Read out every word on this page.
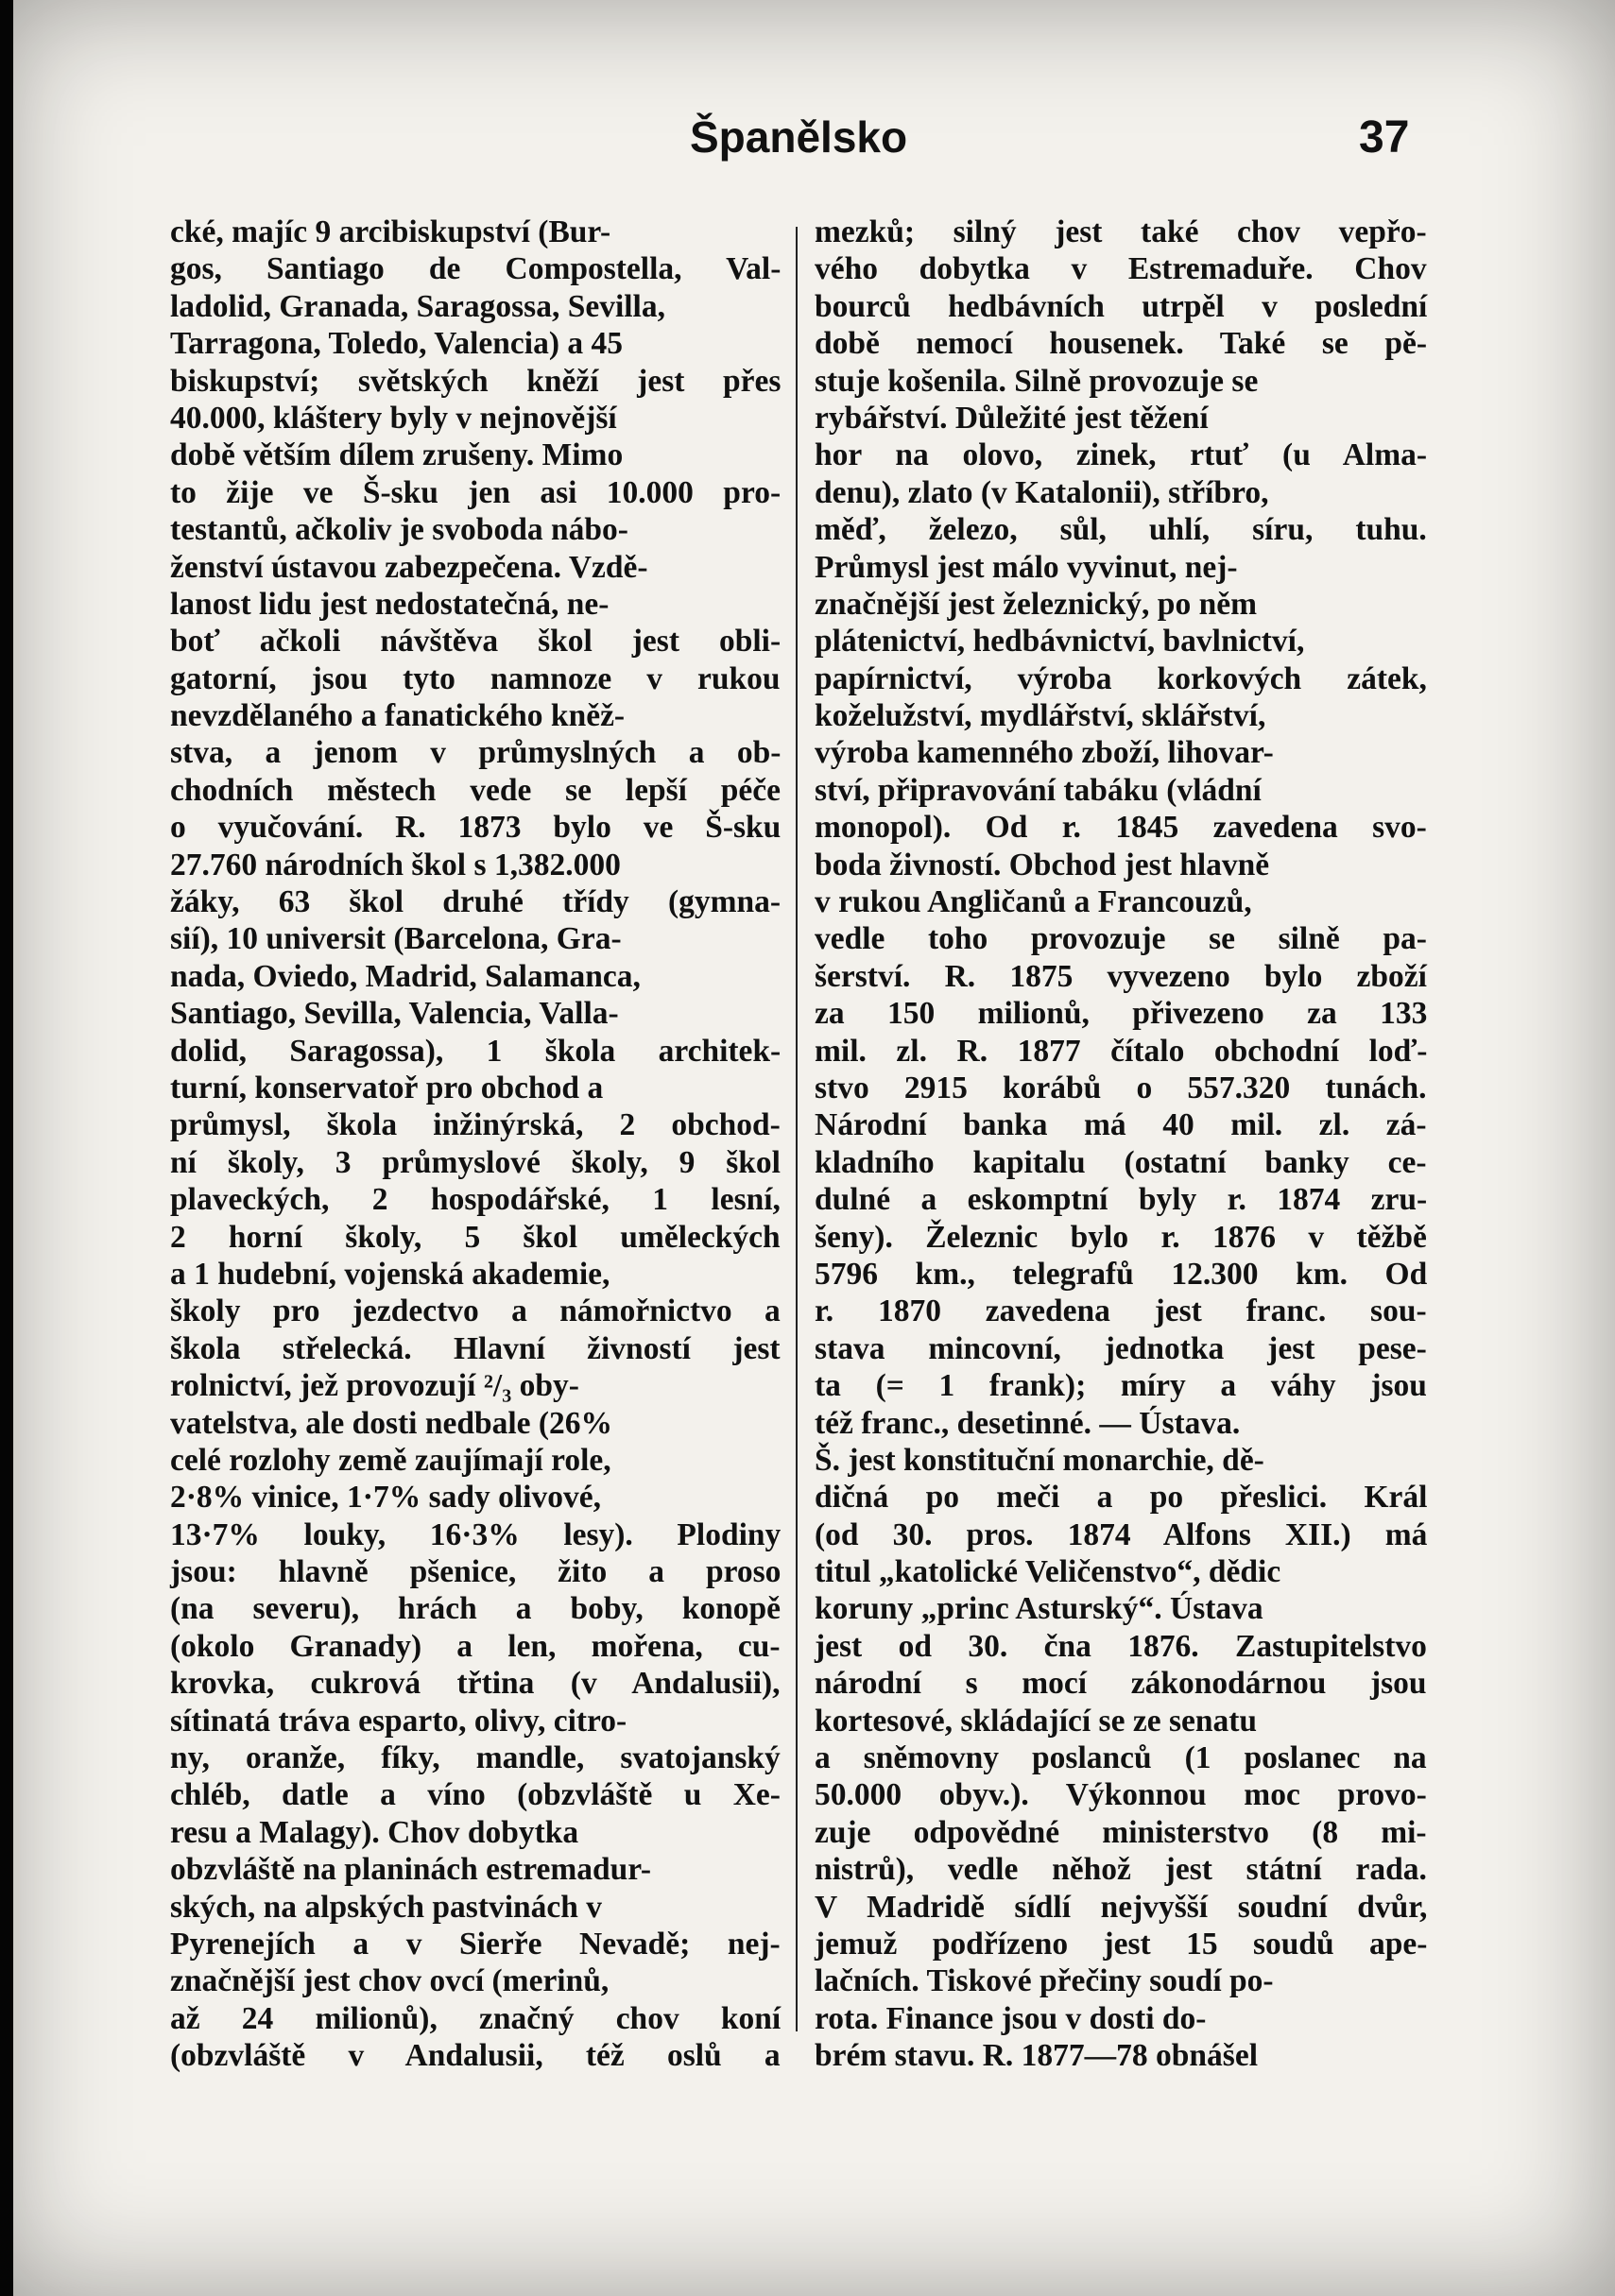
Španělsko	37
cké, majíc 9 arcibiskupství (Bur-
gos, Santiago de Compostella, Val-
ladolid, Granada, Saragossa, Sevilla,
Tarragona, Toledo, Valencia) a 45
biskupství; světských kněží jest přes
40.000, kláštery byly v nejnovější
době větším dílem zrušeny. Mimo
to žije ve Š-sku jen asi 10.000 pro-
testantů, ačkoliv je svoboda nábo-
ženství ústavou zabezpečena. Vzdě-
lanost lidu jest nedostatečná, ne-
boť ačkoli návštěva škol jest obli-
gatorní, jsou tyto namnoze v rukou
nevzdělaného a fanatického kněž-
stva, a jenom v průmyslných a ob-
chodních městech vede se lepší péče
o vyučování. R. 1873 bylo ve Š-sku
27.760 národních škol s 1,382.000
žáky, 63 škol druhé třídy (gymna-
sií), 10 universit (Barcelona, Gra-
nada, Oviedo, Madrid, Salamanca,
Santiago, Sevilla, Valencia, Valla-
dolid, Saragossa), 1 škola architek-
turní, konservatoř pro obchod a
průmysl, škola inžinýrská, 2 obchod-
ní školy, 3 průmyslové školy, 9 škol
plaveckých, 2 hospodářské, 1 lesní,
2 horní školy, 5 škol uměleckých
a 1 hudební, vojenská akademie,
školy pro jezdectvo a námořnictvo a
škola střelecká. Hlavní živností jest
rolnictví, jež provozují ²/₃ oby-
vatelstva, ale dosti nedbale (26%
celé rozlohy země zaujímají role,
2·8% vinice, 1·7% sady olivové,
13·7% louky, 16·3% lesy). Plodiny
jsou: hlavně pšenice, žito a proso
(na severu), hrách a boby, konopě
(okolo Granady) a len, mořena, cu-
krovka, cukrová třtina (v Andalusii),
sítinatá tráva esparto, olivy, citro-
ny, oranže, fíky, mandle, svatojanský
chléb, datle a víno (obzvláště u Xe-
resu a Malagy). Chov dobytka
obzvláště na planinách estremadur-
ských, na alpských pastvinách v
Pyrenejích a v Sierře Nevadě; nej-
značnější jest chov ovcí (merinů,
až 24 milionů), značný chov koní
(obzvláště v Andalusii, též oslů a
mezků; silný jest také chov vepřo-
vého dobytka v Estremaduře. Chov
bourců hedbávních utrpěl v poslední
době nemocí housenek. Také se pě-
stuje košenila. Silně provozuje se
rybářství. Důležité jest těžení
hor na olovo, zinek, rtuť (u Alma-
denu), zlato (v Katalonii), stříbro,
měď, železo, sůl, uhlí, síru, tuhu.
Průmysl jest málo vyvinut, nej-
značnější jest železnický, po něm
plátenictví, hedbávnictví, bavlnictví,
papírnictví, výroba korkových zátek,
koželužství, mydlářství, sklářství,
výroba kamenného zboží, lihovar-
ství, připravování tabáku (vládní
monopol). Od r. 1845 zavedena svo-
boda živností. Obchod jest hlavně
v rukou Angličanů a Francouzů,
vedle toho provozuje se silně pa-
šerství. R. 1875 vyvezeno bylo zboží
za 150 milionů, přivezeno za 133
mil. zl. R. 1877 čítalo obchodní loď-
stvo 2915 korábů o 557.320 tunách.
Národní banka má 40 mil. zl. zá-
kladního kapitalu (ostatní banky ce-
dulné a eskomptní byly r. 1874 zru-
šeny). Železnic bylo r. 1876 v těžbě
5796 km., telegrafů 12.300 km. Od
r. 1870 zavedena jest franc. sou-
stava mincovní, jednotka jest pese-
ta (= 1 frank); míry a váhy jsou
též franc., desetinné. — Ústava.
Š. jest konstituční monarchie, dě-
dičná po meči a po přeslici. Král
(od 30. pros. 1874 Alfons XII.) má
titul „katolické Veličenstvo“, dědic
koruny „princ Asturský“. Ústava
jest od 30. čna 1876. Zastupitelstvo
národní s mocí zákonodárnou jsou
kortesové, skládající se ze senatu
a sněmovny poslanců (1 poslanec na
50.000 obyv.). Výkonnou moc provo-
zuje odpovědné ministerstvo (8 mi-
nistrů), vedle něhož jest státní rada.
V Madridě sídlí nejvyšší soudní dvůr,
jemuž podřízeno jest 15 soudů ape-
lačních. Tiskové přečiny soudí po-
rota. Finance jsou v dosti do-
brém stavu. R. 1877—78 obnášel
